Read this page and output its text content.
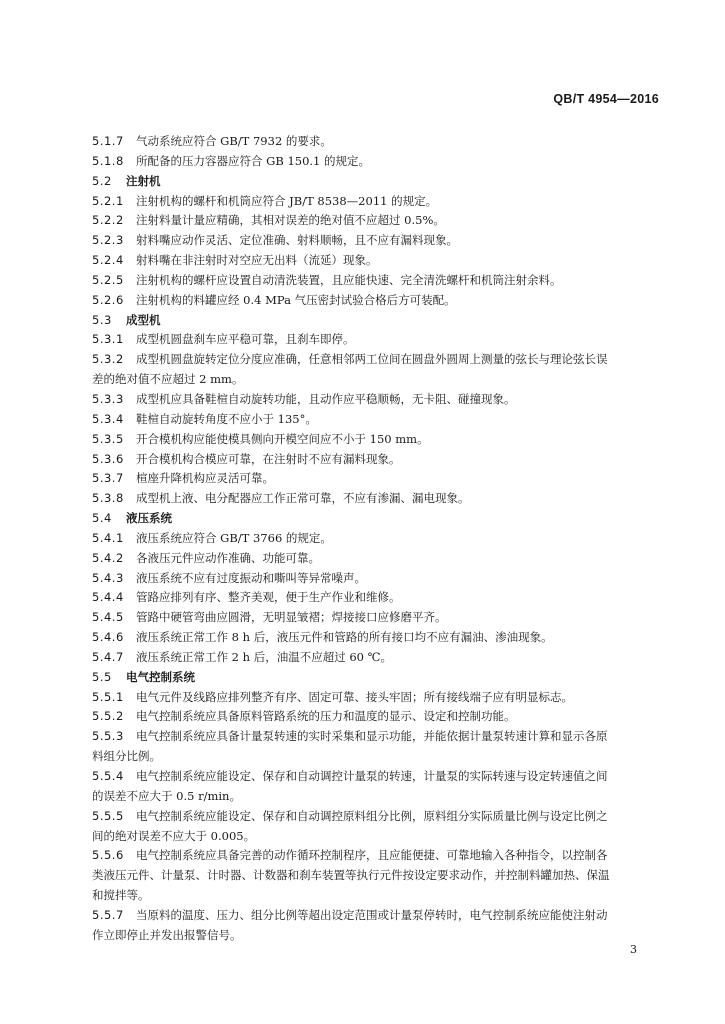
QB/T 4954—2016
5.1.7	气动系统应符合 GB/T 7932 的要求。
5.1.8	所配备的压力容器应符合 GB 150.1 的规定。
5.2	注射机
5.2.1	注射机构的螺杆和机筒应符合 JB/T 8538—2011 的规定。
5.2.2	注射料量计量应精确，其相对误差的绝对值不应超过 0.5%。
5.2.3	射料嘴应动作灵活、定位准确、射料顺畅，且不应有漏料现象。
5.2.4	射料嘴在非注射时对空应无出料（流延）现象。
5.2.5	注射机构的螺杆应设置自动清洗装置，且应能快速、完全清洗螺杆和机筒注射余料。
5.2.6	注射机构的料罐应经 0.4 MPa 气压密封试验合格后方可装配。
5.3	成型机
5.3.1	成型机圆盘刹车应平稳可靠，且刹车即停。
5.3.2	成型机圆盘旋转定位分度应准确，任意相邻两工位间在圆盘外圆周上测量的弦长与理论弦长误
差的绝对值不应超过 2 mm。
5.3.3	成型机应具备鞋楦自动旋转功能，且动作应平稳顺畅，无卡阻、碰撞现象。
5.3.4	鞋楦自动旋转角度不应小于 135°。
5.3.5	开合模机构应能使模具侧向开模空间应不小于 150 mm。
5.3.6	开合模机构合模应可靠，在注射时不应有漏料现象。
5.3.7	楦座升降机构应灵活可靠。
5.3.8	成型机上液、电分配器应工作正常可靠，不应有渗漏、漏电现象。
5.4	液压系统
5.4.1	液压系统应符合 GB/T 3766 的规定。
5.4.2	各液压元件应动作准确、功能可靠。
5.4.3	液压系统不应有过度振动和嘶叫等异常噪声。
5.4.4	管路应排列有序、整齐美观，便于生产作业和维修。
5.4.5	管路中硬管弯曲应圆滑，无明显皱褶；焊接接口应修磨平齐。
5.4.6	液压系统正常工作 8 h 后，液压元件和管路的所有接口均不应有漏油、渗油现象。
5.4.7	液压系统正常工作 2 h 后，油温不应超过 60 ℃。
5.5	电气控制系统
5.5.1	电气元件及线路应排列整齐有序、固定可靠、接头牢固；所有接线端子应有明显标志。
5.5.2	电气控制系统应具备原料管路系统的压力和温度的显示、设定和控制功能。
5.5.3	电气控制系统应具备计量泵转速的实时采集和显示功能，并能依据计量泵转速计算和显示各原
料组分比例。
5.5.4	电气控制系统应能设定、保存和自动调控计量泵的转速，计量泵的实际转速与设定转速值之间
的误差不应大于 0.5 r/min。
5.5.5	电气控制系统应能设定、保存和自动调控原料组分比例，原料组分实际质量比例与设定比例之
间的绝对误差不应大于 0.005。
5.5.6	电气控制系统应具备完善的动作循环控制程序，且应能便捷、可靠地输入各种指令，以控制各
类液压元件、计量泵、计时器、计数器和刹车装置等执行元件按设定要求动作，并控制料罐加热、保温
和搅拌等。
5.5.7	当原料的温度、压力、组分比例等超出设定范围或计量泵停转时，电气控制系统应能使注射动
作立即停止并发出报警信号。
3
